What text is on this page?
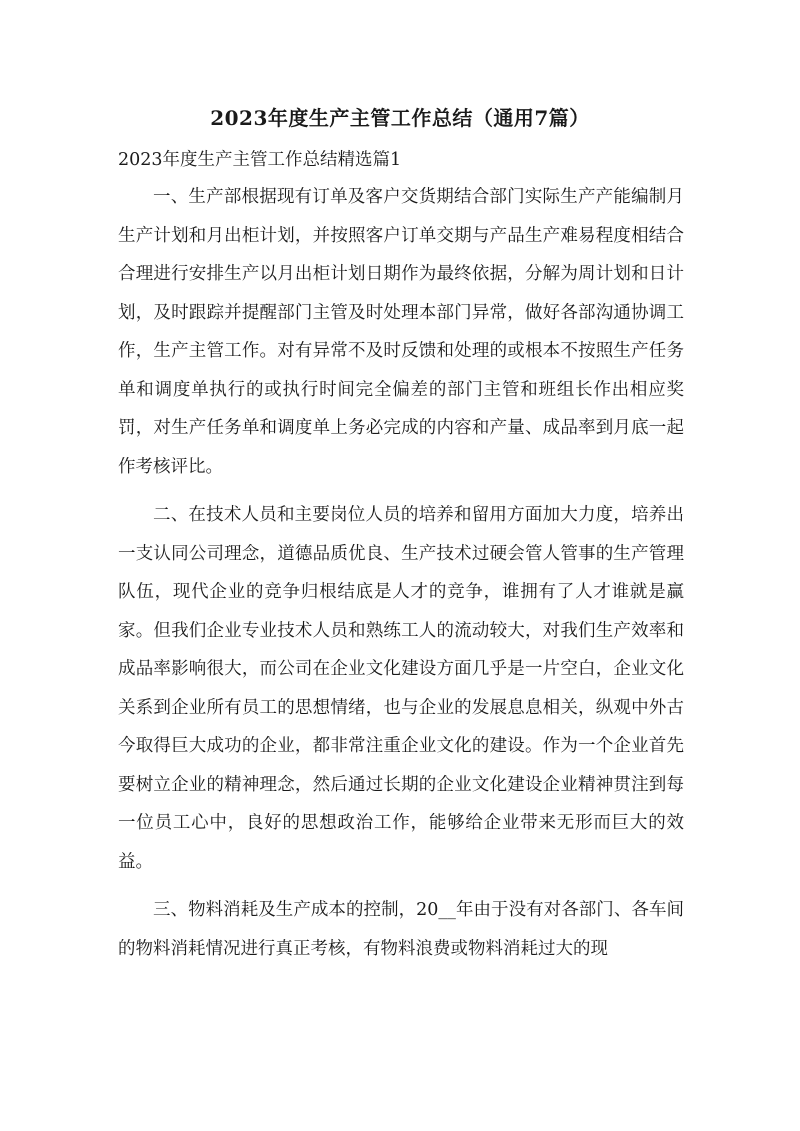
2023年度生产主管工作总结（通用7篇）
2023年度生产主管工作总结精选篇1

一、生产部根据现有订单及客户交货期结合部门实际生产产能编制月生产计划和月出柜计划，并按照客户订单交期与产品生产难易程度相结合合理进行安排生产以月出柜计划日期作为最终依据，分解为周计划和日计划，及时跟踪并提醒部门主管及时处理本部门异常，做好各部沟通协调工作，生产主管工作。对有异常不及时反馈和处理的或根本不按照生产任务单和调度单执行的或执行时间完全偏差的部门主管和班组长作出相应奖罚，对生产任务单和调度单上务必完成的内容和产量、成品率到月底一起作考核评比。

二、在技术人员和主要岗位人员的培养和留用方面加大力度，培养出一支认同公司理念，道德品质优良、生产技术过硬会管人管事的生产管理队伍，现代企业的竞争归根结底是人才的竞争，谁拥有了人才谁就是赢家。但我们企业专业技术人员和熟练工人的流动较大，对我们生产效率和成品率影响很大，而公司在企业文化建设方面几乎是一片空白，企业文化关系到企业所有员工的思想情绪，也与企业的发展息息相关，纵观中外古今取得巨大成功的企业，都非常注重企业文化的建设。作为一个企业首先要树立企业的精神理念，然后通过长期的企业文化建设企业精神贯注到每一位员工心中，良好的思想政治工作，能够给企业带来无形而巨大的效益。

三、物料消耗及生产成本的控制，20__年由于没有对各部门、各车间的物料消耗情况进行真正考核，有物料浪费或物料消耗过大的现
